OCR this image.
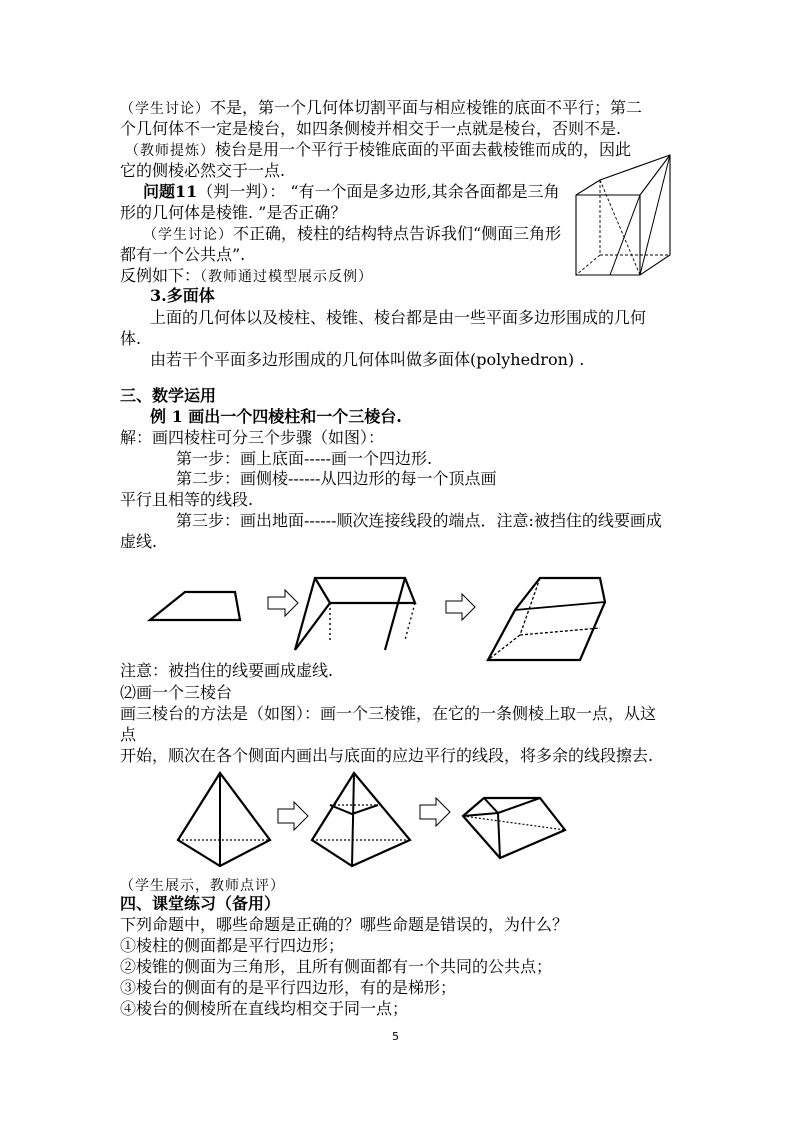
（学生讨论）不是，第一个几何体切割平面与相应棱锥的底面不平行；第二
个几何体不一定是棱台，如四条侧棱并相交于一点就是棱台，否则不是.
（教师提炼）棱台是用一个平行于棱锥底面的平面去截棱锥而成的，因此
它的侧棱必然交于一点.
问题11（判一判）： “有一个面是多边形,其余各面都是三角
形的几何体是棱锥. ”是否正确？
（学生讨论）不正确，棱柱的结构特点告诉我们“侧面三角形
都有一个公共点”.
反例如下：（教师通过模型展示反例）
3.多面体
上面的几何体以及棱柱、棱锥、棱台都是由一些平面多边形围成的几何
体.
由若干个平面多边形围成的几何体叫做多面体(polyhedron) .
三、数学运用
例 1 画出一个四棱柱和一个三棱台.
解：画四棱柱可分三个步骤（如图）：
第一步：画上底面-----画一个四边形.
第二步：画侧棱------从四边形的每一个顶点画
平行且相等的线段.
第三步：画出地面------顺次连接线段的端点．注意:被挡住的线要画成
虚线.
注意：被挡住的线要画成虚线.
⑵画一个三棱台
画三棱台的方法是（如图）：画一个三棱锥，在它的一条侧棱上取一点，从这
点
开始，顺次在各个侧面内画出与底面的应边平行的线段，将多余的线段擦去.
（学生展示，教师点评）
四、课堂练习（备用）
下列命题中，哪些命题是正确的？哪些命题是错误的，为什么？
①棱柱的侧面都是平行四边形；
②棱锥的侧面为三角形，且所有侧面都有一个共同的公共点；
③棱台的侧面有的是平行四边形，有的是梯形；
④棱台的侧棱所在直线均相交于同一点；
5
